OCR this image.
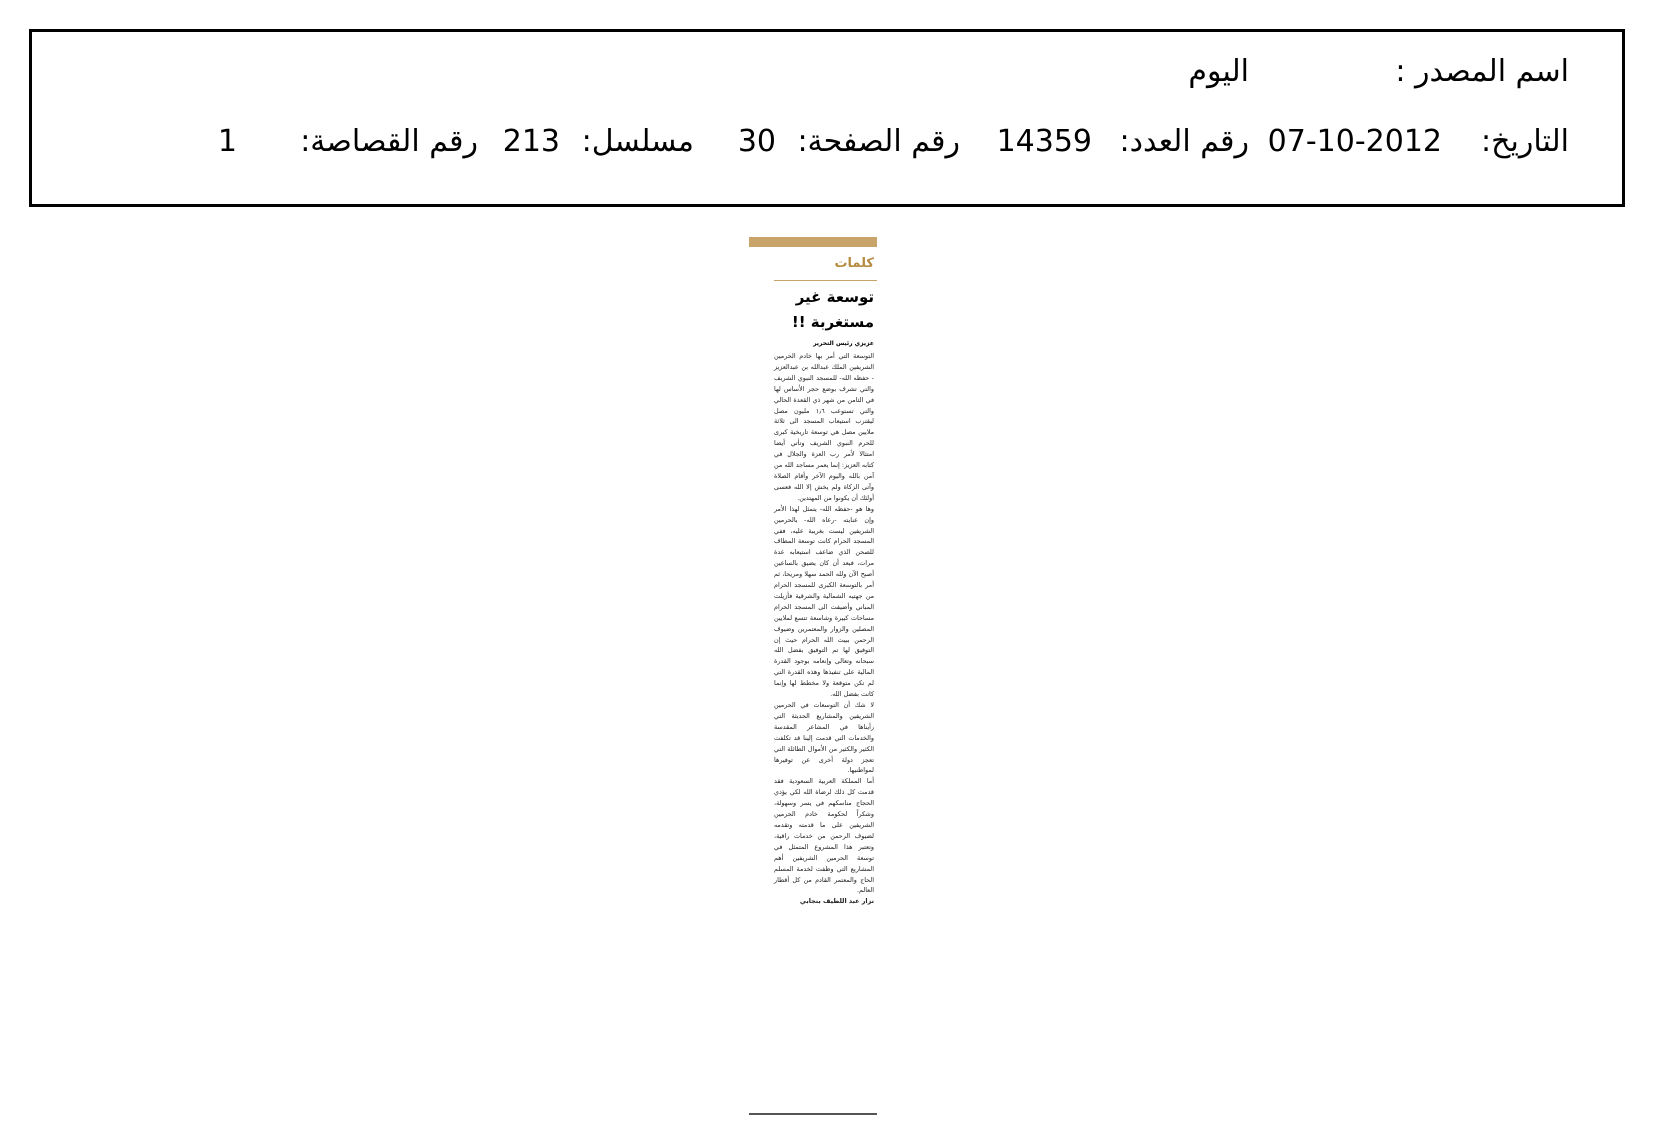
اسم المصدر :
اليوم
التاريخ:
07-10-2012
رقم العدد:
14359
رقم الصفحة:
30
مسلسل:
213
رقم القصاصة:
1
كلمات
توسعة غير مستغربة !!
عزيزي رئيس التحرير

التوسعة التي أمر بها خادم الحرمين الشريفين الملك عبدالله بن عبدالعزيز - حفظه الله- للمسجد النبوي الشريف والتي تشرف بوضع حجر الأساس لها في الثامن من شهر ذي القعدة الحالي والتي تستوعب ١٫٦ مليون مصل ليقترب استيعاب المسجد الى ثلاثة ملايين مصل هي توسعة تاريخية كبرى للحرم النبوي الشريف وتأتي أيضا امتثالا لأمر رب العزة والجلال في كتابه العزيز: إنما يعمر مساجد الله من آمن بالله واليوم الآخر وأقام الصلاة وآتى الزكاة ولم يخش إلا الله فعسى أولئك أن يكونوا من المهتدين.

وها هو -حفظه الله- يتمثل لهذا الأمر وإن عنايته -رعاه الله- بالحرمين الشريفين ليست بغريبة عليه، ففي المسجد الحرام كانت توسعة المطاف للصحن الذي ضاعف استيعابه عدة مرات، فبعد أن كان يضيق بالساعين أصبح الآن ولله الحمد سهلا ومريحا، ثم أمر بالتوسعة الكبرى للمسجد الحرام من جهتيه الشمالية والشرقية فأزيلت المباني وأضيفت الى المسجد الحرام مساحات كبيرة وشاسعة تتسع لملايين المصلين والزوار والمعتمرين وضيوف الرحمن ببيت الله الحرام حيث إن التوفيق لها تم التوفيق بفضل الله سبحانه وتعالى وإنعامه بوجود القدرة المالية على تنفيذها وهذه القدرة التي لم تكن متوقعة ولا مخطط لها وإنما كانت بفضل الله.

لا شك أن التوسعات في الحرمين الشريفين والمشاريع الحديثة التي رأيناها في المشاعر المقدسة والخدمات التي قدمت إلينا قد تكلفت الكثير والكثير من الأموال الطائلة التي تعجز دولة أخرى عن توفيرها لمواطنيها.

أما المملكة العربية السعودية فقد قدمت كل ذلك لرضاة الله لكي يؤدي الحجاج مناسكهم في يسر وسهولة، وشكراً لحكومة خادم الحرمين الشريفين على ما قدمته وتقدمه لضيوف الرحمن من خدمات راقية، وتعتبر هذا المشروع المتمثل في توسعة الحرمين الشريفين أهم المشاريع التي وظفت لخدمة المسلم الحاج والمعتمر القادم من كل أقطار العالم.

نزار عبد اللطيف بنجابي
